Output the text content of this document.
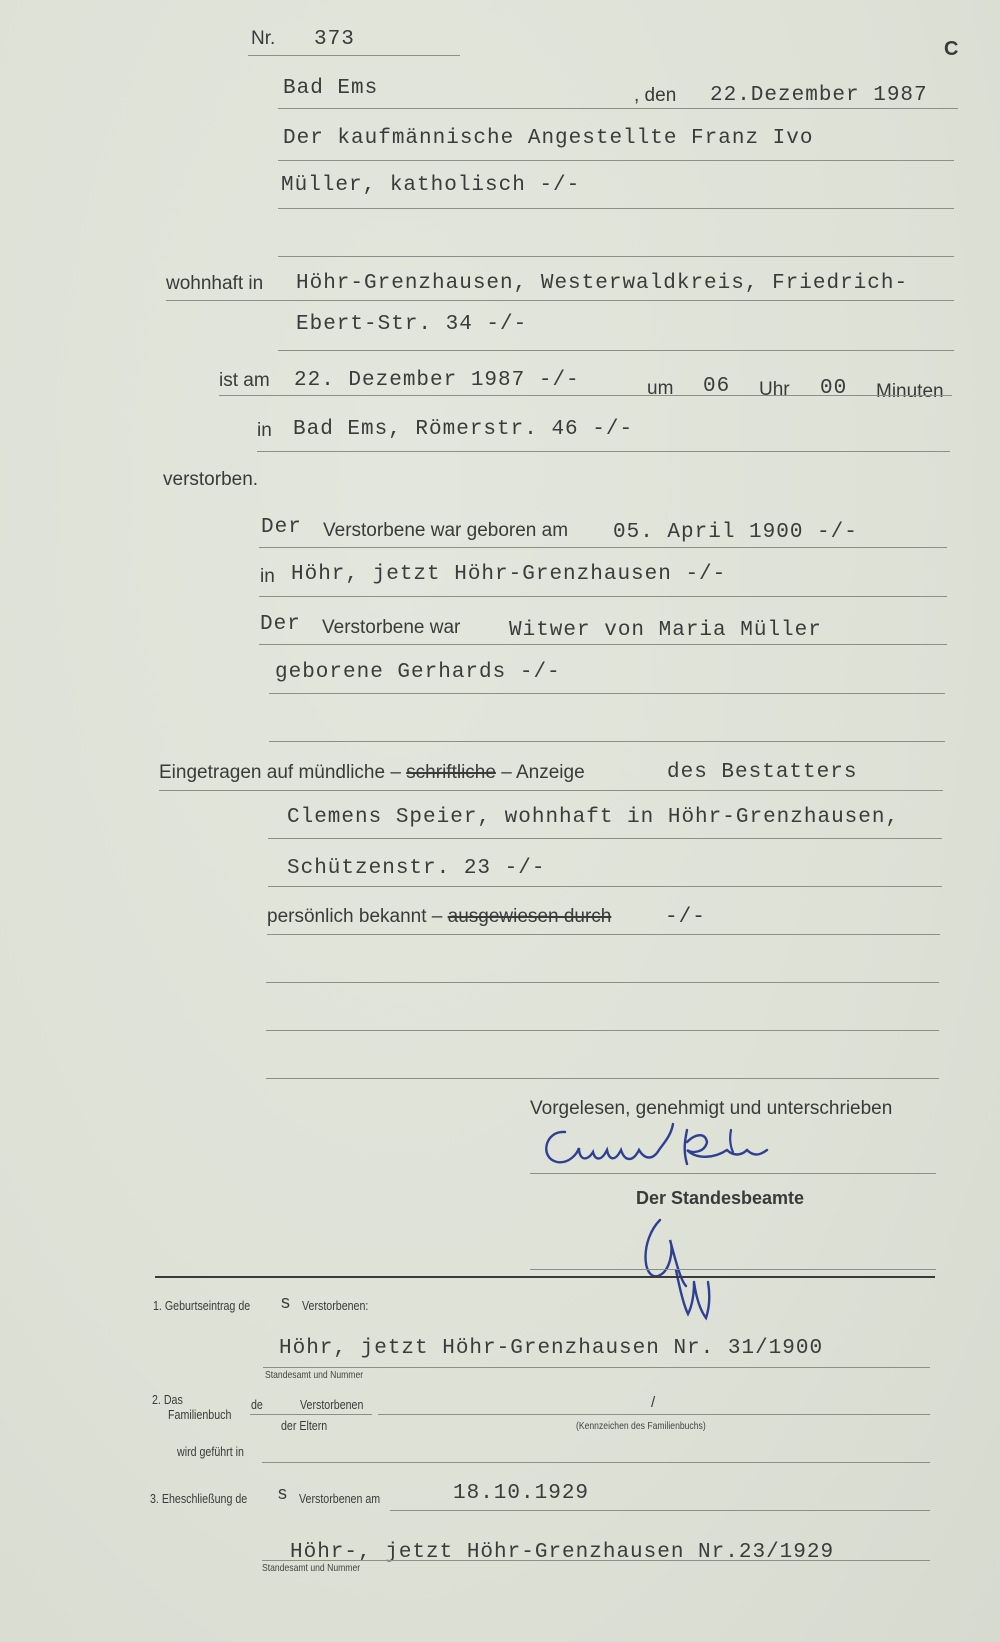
C
Nr. 373
Bad Ems	, den 22.Dezember 1987
Der kaufmännische Angestellte Franz Ivo
Müller, katholisch -/-
wohnhaft in Höhr-Grenzhausen, Westerwaldkreis, Friedrich-
Ebert-Str. 34 -/-
ist am 22. Dezember 1987 -/-	um 06 Uhr 00 Minuten
in Bad Ems, Römerstr. 46 -/-
verstorben.
Der Verstorbene war geboren am 05. April 1900 -/-
in Höhr, jetzt Höhr-Grenzhausen -/-
Der Verstorbene war Witwer von Maria Müller
geborene Gerhards -/-
Eingetragen auf mündliche – schriftliche – Anzeige	des Bestatters
Clemens Speier, wohnhaft in Höhr-Grenzhausen,
Schützenstr. 23 -/-
persönlich bekannt – ausgewiesen durch	-/-
Vorgelesen, genehmigt und unterschrieben
Der Standesbeamte
1. Geburtseintrag de s Verstorbenen:
Höhr, jetzt Höhr-Grenzhausen Nr. 31/1900
Standesamt und Nummer
2. Das
Familienbuch
de	Verstorbenen
der Eltern
/
(Kennzeichen des Familienbuchs)
wird geführt in
3. Eheschließung de s Verstorbenen am	18.10.1929
Höhr-, jetzt Höhr-Grenzhausen Nr.23/1929
Standesamt und Nummer
